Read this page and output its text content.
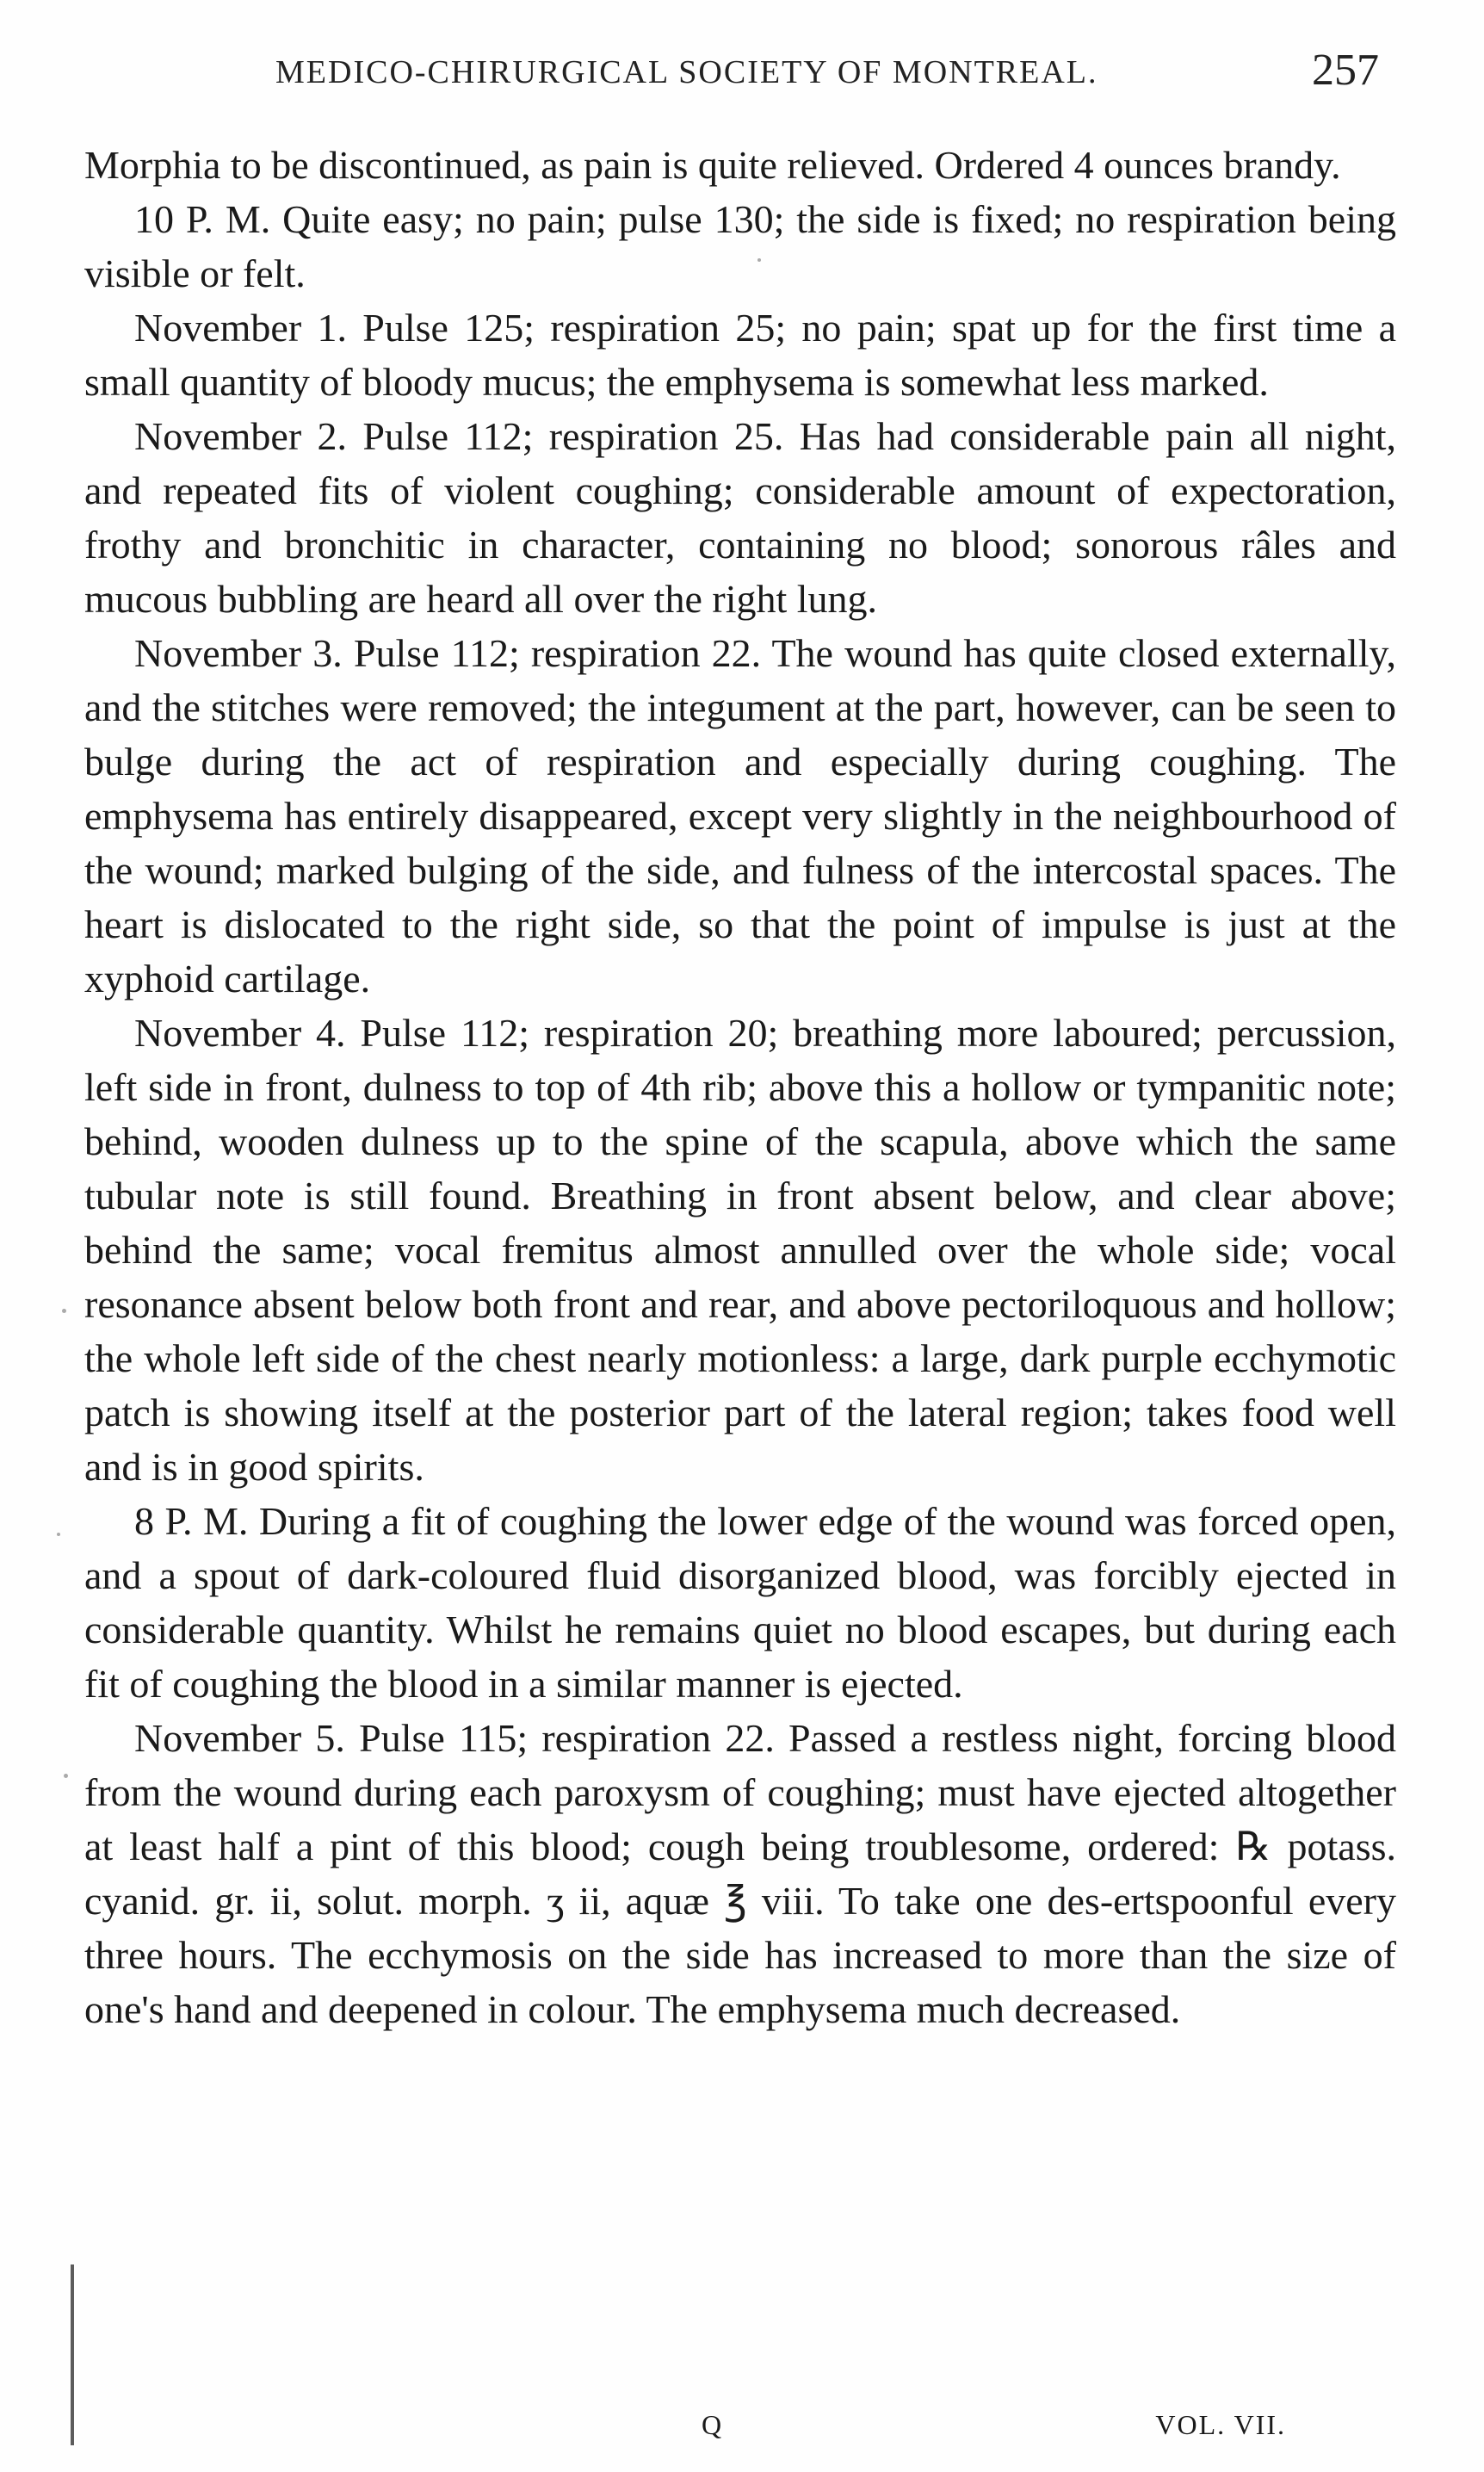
MEDICO-CHIRURGICAL SOCIETY OF MONTREAL.	257

Morphia to be discontinued, as pain is quite relieved. Ordered 4 ounces brandy.

10 P. M. Quite easy; no pain; pulse 130; the side is fixed; no respiration being visible or felt.

November 1. Pulse 125; respiration 25; no pain; spat up for the first time a small quantity of bloody mucus; the emphysema is somewhat less marked.

November 2. Pulse 112; respiration 25. Has had considerable pain all night, and repeated fits of violent coughing; considerable amount of expectoration, frothy and bronchitic in character, containing no blood; sonorous râles and mucous bubbling are heard all over the right lung.

November 3. Pulse 112; respiration 22. The wound has quite closed externally, and the stitches were removed; the integument at the part, however, can be seen to bulge during the act of respiration and especially during coughing. The emphysema has entirely disappeared, except very slightly in the neighbourhood of the wound; marked bulging of the side, and fulness of the intercostal spaces. The heart is dislocated to the right side, so that the point of impulse is just at the xyphoid cartilage.

November 4. Pulse 112; respiration 20; breathing more laboured; percussion, left side in front, dulness to top of 4th rib; above this a hollow or tympanitic note; behind, wooden dulness up to the spine of the scapula, above which the same tubular note is still found. Breathing in front absent below, and clear above; behind the same; vocal fremitus almost annulled over the whole side; vocal resonance absent below both front and rear, and above pectoriloquous and hollow; the whole left side of the chest nearly motionless: a large, dark purple ecchymotic patch is showing itself at the posterior part of the lateral region; takes food well and is in good spirits.

8 P. M. During a fit of coughing the lower edge of the wound was forced open, and a spout of dark-coloured fluid disorganized blood, was forcibly ejected in considerable quantity. Whilst he remains quiet no blood escapes, but during each fit of coughing the blood in a similar manner is ejected.

November 5. Pulse 115; respiration 22. Passed a restless night, forcing blood from the wound during each paroxysm of coughing; must have ejected altogether at least half a pint of this blood; cough being troublesome, ordered: ℞ potass. cyanid. gr. ii, solut. morph. ʒ ii, aquæ ℥ viii. To take one des-ertspoonful every three hours. The ecchymosis on the side has increased to more than the size of one's hand and deepened in colour. The emphysema much decreased.

Q	VOL. VII.
